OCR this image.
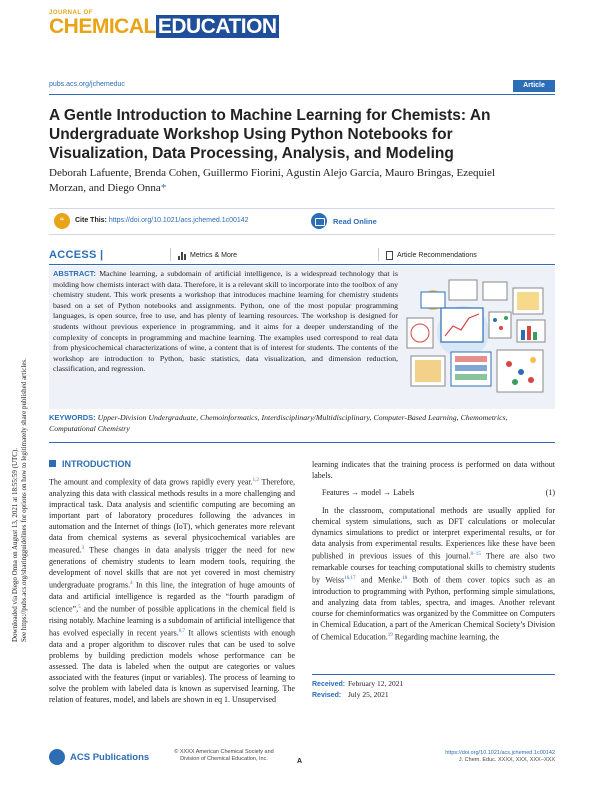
Downloaded via Diego Onna on August 13, 2021 at 18:55:59 (UTC). See https://pubs.acs.org/sharingguidelines for options on how to legitimately share published articles.
JOURNAL OF
CHEMICALEDUCATION
pubs.acs.org/jchemeduc	Article
A Gentle Introduction to Machine Learning for Chemists: An Undergraduate Workshop Using Python Notebooks for Visualization, Data Processing, Analysis, and Modeling
Deborah Lafuente, Brenda Cohen, Guillermo Fiorini, Agustín Alejo García, Mauro Bringas, Ezequiel Morzan, and Diego Onna*
“	Cite This: https://doi.org/10.1021/acs.jchemed.1c00142	Read Online
ACCESS |	Metrics & More	Article Recommendations
ABSTRACT: Machine learning, a subdomain of artificial intelligence, is a widespread technology that is molding how chemists interact with data. Therefore, it is a relevant skill to incorporate into the toolbox of any chemistry student. This work presents a workshop that introduces machine learning for chemistry students based on a set of Python notebooks and assignments. Python, one of the most popular programming languages, is open source, free to use, and has plenty of learning resources. The workshop is designed for students without previous experience in programming, and it aims for a deeper understanding of the complexity of concepts in programming and machine learning. The examples used correspond to real data from physicochemical characterizations of wine, a content that is of interest for students. The contents of the workshop are introduction to Python, basic statistics, data visualization, and dimension reduction, classification, and regression.
KEYWORDS: Upper-Division Undergraduate, Chemoinformatics, Interdisciplinary/Multidisciplinary, Computer-Based Learning, Chemometrics, Computational Chemistry
INTRODUCTION
The amount and complexity of data grows rapidly every year.$^{1,2}$ Therefore, analyzing this data with classical methods results in a more challenging and impractical task. Data analysis and scientific computing are becoming an important part of laboratory procedures following the advances in automation and the Internet of things (IoT), which generates more relevant data from chemical systems as several physicochemical variables are measured.$^3$ These changes in data analysis trigger the need for new generations of chemistry students to learn modern tools, requiring the development of novel skills that are not yet covered in most chemistry undergraduate programs.$^4$ In this line, the integration of huge amounts of data and artificial intelligence is regarded as the “fourth paradigm of science”,$^5$ and the number of possible applications in the chemical field is rising notably. Machine learning is a subdomain of artificial intelligence that has evolved especially in recent years.$^{6,7}$ It allows scientists with enough data and a proper algorithm to discover rules that can be used to solve problems by building prediction models whose performance can be assessed. The data is labeled when the output are categories or values associated with the features (input or variables). The process of learning to solve the problem with labeled data is known as supervised learning. The relation of features, model, and labels are shown in eq 1. Unsupervised
learning indicates that the training process is performed on data without labels.
Features → model → Labels	(1)
In the classroom, computational methods are usually applied for chemical system simulations, such as DFT calculations or molecular dynamics simulations to predict or interpret experimental results, or for data analysis from experimental results. Experiences like these have been published in previous issues of this journal.$^{8-15}$ There are also two remarkable courses for teaching computational skills to chemistry students by Weiss$^{16,17}$ and Menke.$^{18}$ Both of them cover topics such as an introduction to programming with Python, performing simple simulations, and analyzing data from tables, spectra, and images. Another relevant course for cheminformatics was organized by the Committee on Computers in Chemical Education, a part of the American Chemical Society’s Division of Chemical Education.$^{19}$ Regarding machine learning, the
Received: February 12, 2021
Revised: July 25, 2021
ACS Publications	© XXXX American Chemical Society and Division of Chemical Education, Inc.	A
https://doi.org/10.1021/acs.jchemed.1c00142
J. Chem. Educ. XXXX, XXX, XXX−XXX
